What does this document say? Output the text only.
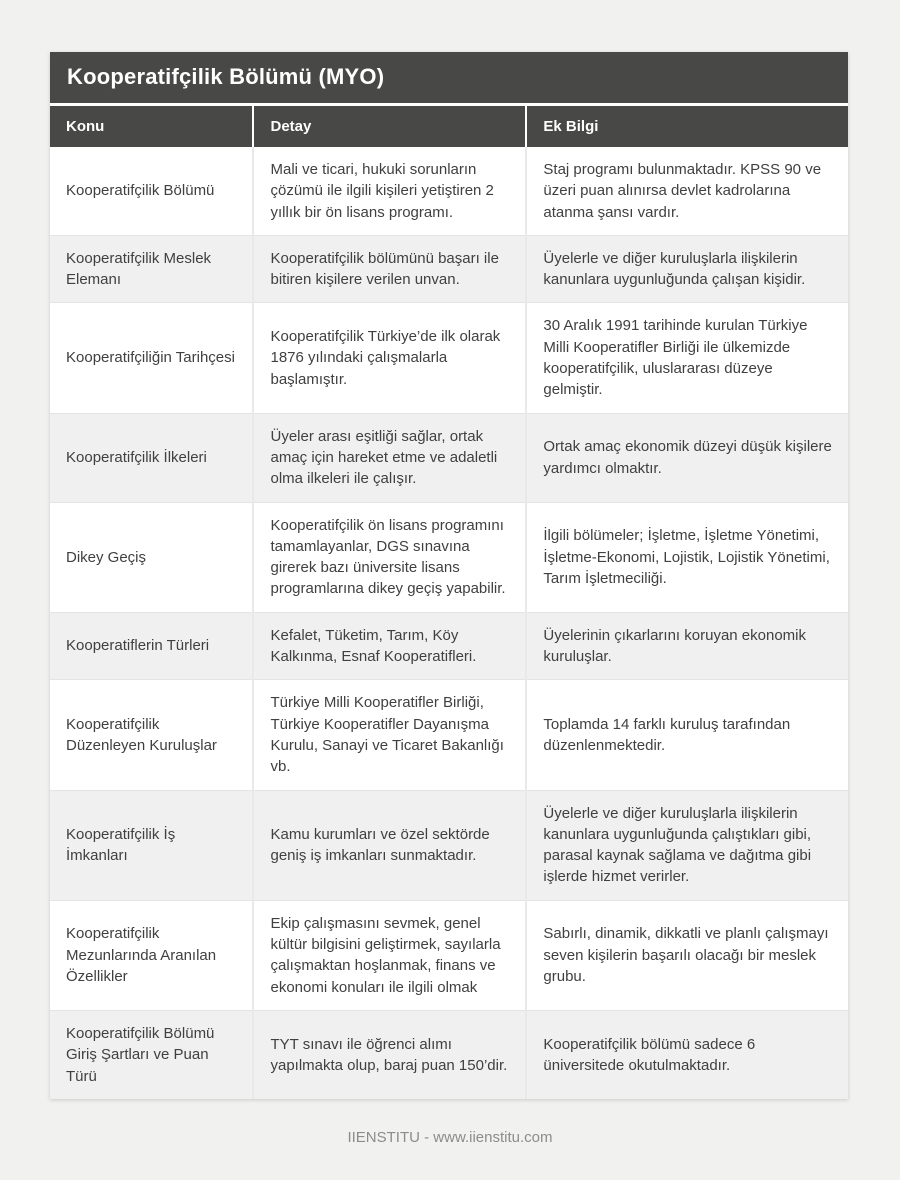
Kooperatifçilik Bölümü (MYO)
Konu	Detay	Ek Bilgi
Kooperatifçilik Bölümü	Mali ve ticari, hukuki sorunların çözümü ile ilgili kişileri yetiştiren 2 yıllık bir ön lisans programı.	Staj programı bulunmaktadır. KPSS 90 ve üzeri puan alınırsa devlet kadrolarına atanma şansı vardır.
Kooperatifçilik Meslek Elemanı	Kooperatifçilik bölümünü başarı ile bitiren kişilere verilen unvan.	Üyelerle ve diğer kuruluşlarla ilişkilerin kanunlara uygunluğunda çalışan kişidir.
Kooperatifçiliğin Tarihçesi	Kooperatifçilik Türkiye’de ilk olarak 1876 yılındaki çalışmalarla başlamıştır.	30 Aralık 1991 tarihinde kurulan Türkiye Milli Kooperatifler Birliği ile ülkemizde kooperatifçilik, uluslararası düzeye gelmiştir.
Kooperatifçilik İlkeleri	Üyeler arası eşitliği sağlar, ortak amaç için hareket etme ve adaletli olma ilkeleri ile çalışır.	Ortak amaç ekonomik düzeyi düşük kişilere yardımcı olmaktır.
Dikey Geçiş	Kooperatifçilik ön lisans programını tamamlayanlar, DGS sınavına girerek bazı üniversite lisans programlarına dikey geçiş yapabilir.	İlgili bölümeler; İşletme, İşletme Yönetimi, İşletme-Ekonomi, Lojistik, Lojistik Yönetimi, Tarım İşletmeciliği.
Kooperatiflerin Türleri	Kefalet, Tüketim, Tarım, Köy Kalkınma, Esnaf Kooperatifleri.	Üyelerinin çıkarlarını koruyan ekonomik kuruluşlar.
Kooperatifçilik Düzenleyen Kuruluşlar	Türkiye Milli Kooperatifler Birliği, Türkiye Kooperatifler Dayanışma Kurulu, Sanayi ve Ticaret Bakanlığı vb.	Toplamda 14 farklı kuruluş tarafından düzenlenmektedir.
Kooperatifçilik İş İmkanları	Kamu kurumları ve özel sektörde geniş iş imkanları sunmaktadır.	Üyelerle ve diğer kuruluşlarla ilişkilerin kanunlara uygunluğunda çalıştıkları gibi, parasal kaynak sağlama ve dağıtma gibi işlerde hizmet verirler.
Kooperatifçilik Mezunlarında Aranılan Özellikler	Ekip çalışmasını sevmek, genel kültür bilgisini geliştirmek, sayılarla çalışmaktan hoşlanmak, finans ve ekonomi konuları ile ilgili olmak	Sabırlı, dinamik, dikkatli ve planlı çalışmayı seven kişilerin başarılı olacağı bir meslek grubu.
Kooperatifçilik Bölümü Giriş Şartları ve Puan Türü	TYT sınavı ile öğrenci alımı yapılmakta olup, baraj puan 150’dir.	Kooperatifçilik bölümü sadece 6 üniversitede okutulmaktadır.
IIENSTITU - www.iienstitu.com
